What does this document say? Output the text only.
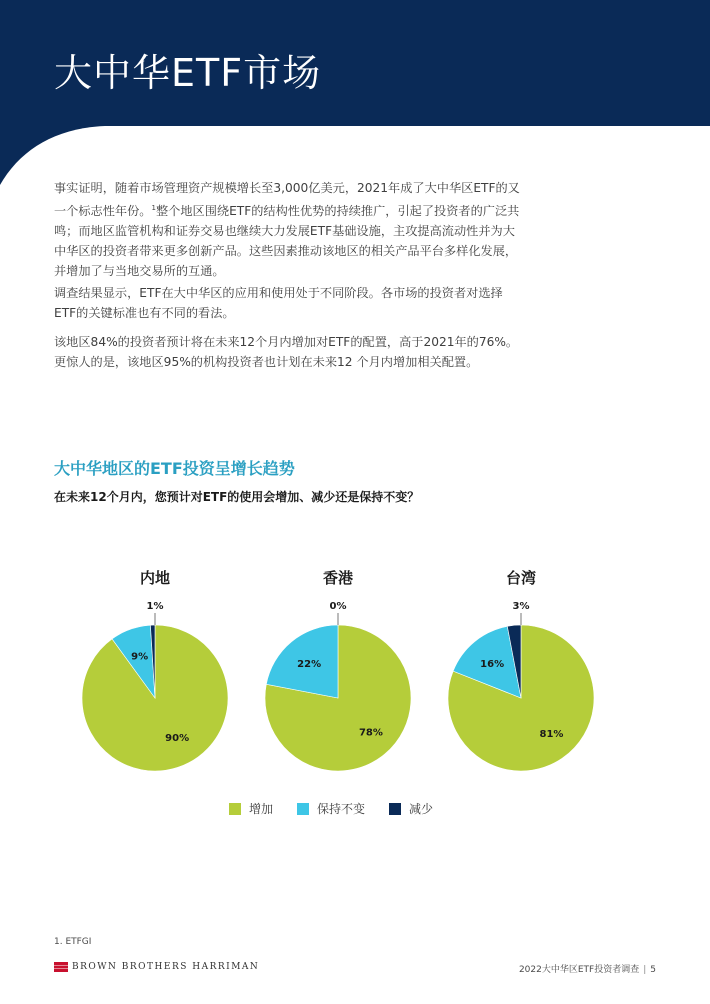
大中华ETF市场
事实证明，随着市场管理资产规模增长至3,000亿美元，2021年成了大中华区ETF的又一个标志性年份。$^1$整个地区围绕ETF的结构性优势的持续推广，引起了投资者的广泛共鸣；而地区监管机构和证券交易也继续大力发展ETF基础设施，主攻提高流动性并为大中华区的投资者带来更多创新产品。这些因素推动该地区的相关产品平台多样化发展，并增加了与当地交易所的互通。
调查结果显示，ETF在大中华区的应用和使用处于不同阶段。各市场的投资者对选择ETF的关键标准也有不同的看法。
该地区84%的投资者预计将在未来12个月内增加对ETF的配置，高于2021年的76%。更惊人的是，该地区95%的机构投资者也计划在未来12 个月内增加相关配置。
大中华地区的ETF投资呈增长趋势
在未来12个月内，您预计对ETF的使用会增加、减少还是保持不变？
内地
90%
9%
1%
香港
78%
22%
0%
台湾
81%
16%
3%
增加	保持不变	减少
1. ETFGI
BROWN BROTHERS HARRIMAN	2022大中华区ETF投资者调查 | 5
